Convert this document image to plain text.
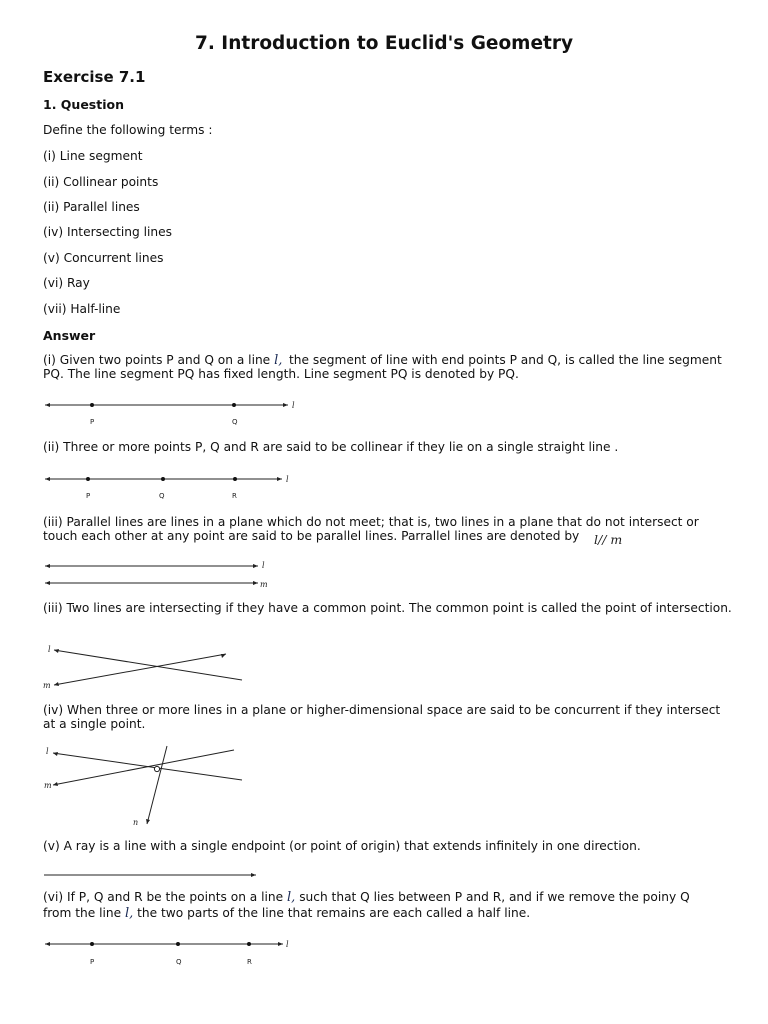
7. Introduction to Euclid's Geometry
Exercise 7.1
1. Question
Define the following terms :
(i) Line segment
(ii) Collinear points
(ii) Parallel lines
(iv) Intersecting lines
(v) Concurrent lines
(vi) Ray
(vii) Half-line
Answer
(i) Given two points P and Q on a line l, the segment of line with end points P and Q, is called the line segment PQ. The line segment PQ has fixed length. Line segment PQ is denoted by PQ.
P	Q
l
(ii) Three or more points P, Q and R are said to be collinear if they lie on a single straight line .
P	Q	R
l
(iii) Parallel lines are lines in a plane which do not meet; that is, two lines in a plane that do not intersect or touch each other at any point are said to be parallel lines. Parrallel lines are denoted by	l// m
l
m
(iii) Two lines are intersecting if they have a common point. The common point is called the point of intersection.
l
m
(iv) When three or more lines in a plane or higher-dimensional space are said to be concurrent if they intersect at a single point.
l
m
n
(v) A ray is a line with a single endpoint (or point of origin) that extends infinitely in one direction.
(vi) If P, Q and R be the points on a line l, such that Q lies between P and R, and if we remove the poiny Q
from the line l, the two parts of the line that remains are each called a half line.
P	Q	R
l
